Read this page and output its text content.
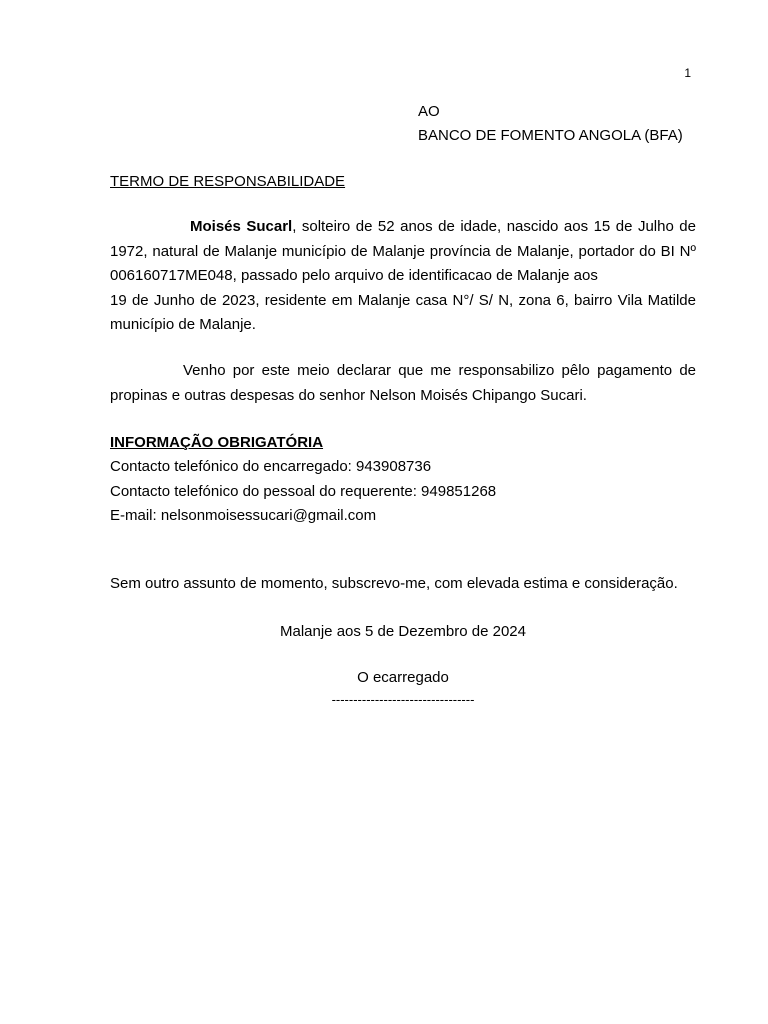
1
AO
BANCO DE FOMENTO ANGOLA (BFA)
TERMO DE RESPONSABILIDADE
Moisés Sucarl, solteiro de 52 anos de idade, nascido aos 15 de Julho de 1972, natural de Malanje município de Malanje província de Malanje, portador do BI Nº 006160717ME048, passado pelo arquivo de identificacao de Malanje aos
19 de Junho de 2023, residente em Malanje casa N°/ S/ N, zona 6, bairro Vila Matilde município de Malanje.
Venho por este meio declarar que me responsabilizo pêlo pagamento de propinas e outras despesas do senhor Nelson Moisés Chipango Sucari.
INFORMAÇÃO OBRIGATÓRIA
Contacto telefónico do encarregado: 943908736
Contacto telefónico do pessoal do requerente: 949851268
E-mail: nelsonmoisessucari@gmail.com
Sem outro assunto de momento, subscrevo-me, com elevada estima e consideração.
Malanje aos 5 de Dezembro de 2024
O ecarregado
---------------------------------
